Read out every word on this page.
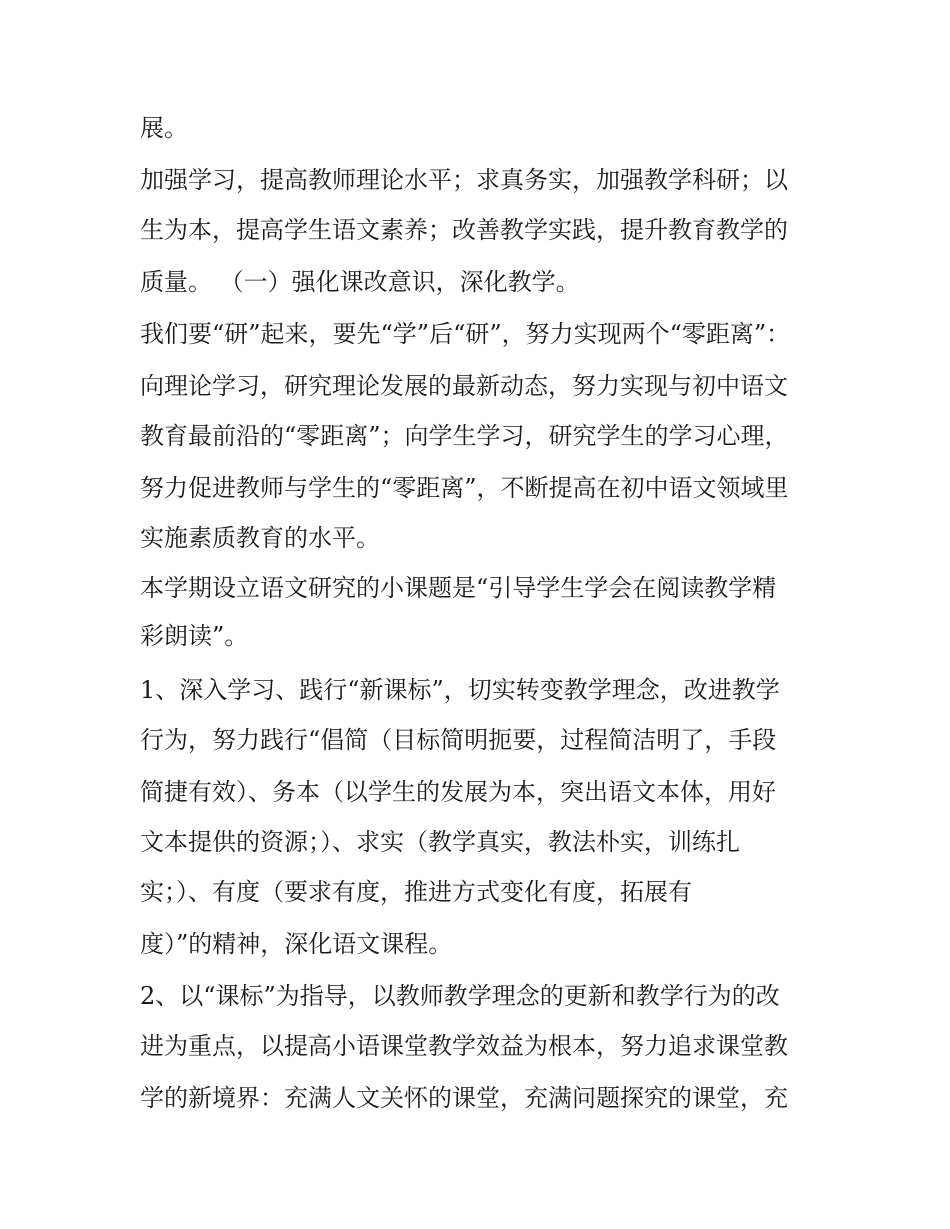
展。

加强学习，提高教师理论水平；求真务实，加强教学科研；以

生为本，提高学生语文素养；改善教学实践，提升教育教学的

质量。 （一）强化课改意识，深化教学。

我们要“研”起来，要先“学”后“研”，努力实现两个“零距离”：

向理论学习，研究理论发展的最新动态，努力实现与初中语文

教育最前沿的“零距离”；向学生学习，研究学生的学习心理，

努力促进教师与学生的“零距离”，不断提高在初中语文领域里

实施素质教育的水平。

本学期设立语文研究的小课题是“引导学生学会在阅读教学精

彩朗读”。

1、深入学习、践行“新课标”，切实转变教学理念，改进教学

行为，努力践行“倡简（目标简明扼要，过程简洁明了，手段

简捷有效）、务本（以学生的发展为本，突出语文本体，用好

文本提供的资源；）、求实（教学真实，教法朴实，训练扎

实；）、有度（要求有度，推进方式变化有度，拓展有

度）”的精神，深化语文课程。

2、以“课标”为指导，以教师教学理念的更新和教学行为的改

进为重点，以提高小语课堂教学效益为根本，努力追求课堂教

学的新境界：充满人文关怀的课堂，充满问题探究的课堂，充
